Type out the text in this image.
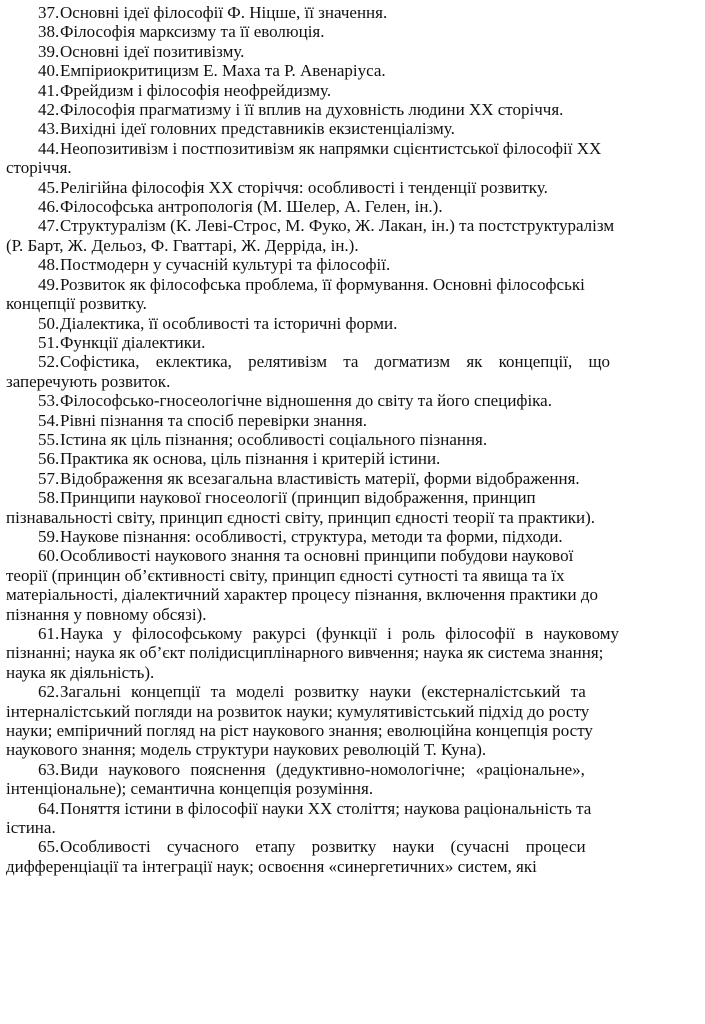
37.Основні ідеї філософії Ф. Ніцше, її значення.
38.Філософія марксизму та її еволюція.
39.Основні ідеї позитивізму.
40.Емпіриокритицизм Е. Маха та Р. Авенаріуса.
41.Фрейдизм і філософія неофрейдизму.
42.Філософія прагматизму і її вплив на духовність людини XX сторіччя.
43.Вихідні ідеї головних представників екзистенціалізму.
44.Неопозитивізм і постпозитивізм як напрямки сцієнтистської філософії XX
сторіччя.
45.Релігійна філософія XX сторіччя: особливості і тенденції розвитку.
46.Філософська антропологія (М. Шелер, А. Гелен, ін.).
47.Структуралізм (К. Леві-Строс, М. Фуко, Ж. Лакан, ін.) та постструктуралізм
(Р. Барт, Ж. Дельоз, Ф. Гваттарі, Ж. Дерріда, ін.).
48.Постмодерн у сучасній культурі та філософії.
49.Розвиток як філософська проблема, її формування. Основні філософські
концепції розвитку.
50.Діалектика, її особливості та історичні форми.
51.Функції діалектики.
52.Софістика, еклектика, релятивізм та догматизм як концепції, що
заперечують розвиток.
53.Філософсько-гносеологічне відношення до світу та його специфіка.
54.Рівні пізнання та спосіб перевірки знання.
55.Істина як ціль пізнання; особливості соціального пізнання.
56.Практика як основа, ціль пізнання і критерій істини.
57.Відображення як всезагальна властивість матерії, форми відображення.
58.Принципи наукової гносеології (принцип відображення, принцип
пізнавальності світу, принцип єдності світу, принцип єдності теорії та практики).
59.Наукове пізнання: особливості, структура, методи та форми, підходи.
60.Особливості наукового знання та основні принципи побудови наукової
теорії (принцин об’єктивності світу, принцип єдності сутності та явища та їх
матеріальності, діалектичний характер процесу пізнання, включення практики до
пізнання у повному обсязі).
61.Наука у філософському ракурсі (функції і роль філософії в науковому
пізнанні; наука як об’єкт полідисциплінарного вивчення; наука як система знання;
наука як діяльність).
62.Загальні концепції та моделі розвитку науки (екстерналістський та
інтерналістський погляди на розвиток науки; кумулятивістський підхід до росту
науки; емпіричний погляд на ріст наукового знання; еволюційна концепція росту
наукового знання; модель структури наукових революцій Т. Куна).
63.Види наукового пояснення (дедуктивно-номологічне; «раціональне»,
інтенціональне); семантична концепція розуміння.
64.Поняття істини в філософії науки XX століття; наукова раціональність та
істина.
65.Особливості сучасного етапу розвитку науки (сучасні процеси
дифференціації та інтеграції наук; освоєння «синергетичних» систем, які
